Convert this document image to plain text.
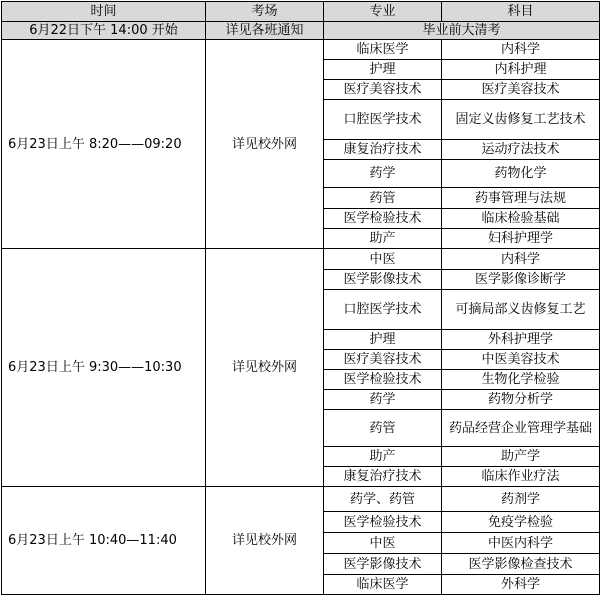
时间	考场	专业	科目
6月22日下午 14:00 开始	详见各班通知	毕业前大清考	
6月23日上午 8:20——09:20	详见校外网	临床医学	内科学
		护理	内科护理
		医疗美容技术	医疗美容技术
		口腔医学技术	固定义齿修复工艺技术
		康复治疗技术	运动疗法技术
		药学	药物化学
		药管	药事管理与法规
		医学检验技术	临床检验基础
		助产	妇科护理学
6月23日上午 9:30——10:30	详见校外网	中医	内科学
		医学影像技术	医学影像诊断学
		口腔医学技术	可摘局部义齿修复工艺
		护理	外科护理学
		医疗美容技术	中医美容技术
		医学检验技术	生物化学检验
		药学	药物分析学
		药管	药品经营企业管理学基础
		助产	助产学
		康复治疗技术	临床作业疗法
6月23日上午 10:40—11:40	详见校外网	药学、药管	药剂学
		医学检验技术	免疫学检验
		中医	中医内科学
		医学影像技术	医学影像检查技术
		临床医学	外科学
